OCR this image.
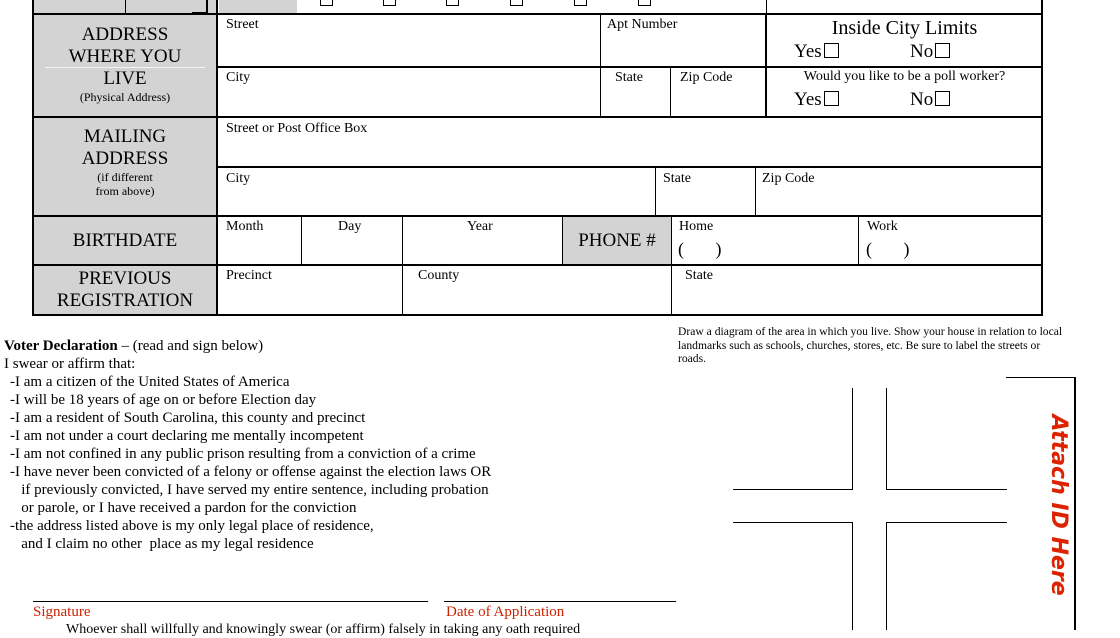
ADDRESS
WHERE YOU
LIVE
(Physical Address)
Street	Apt Number	Inside City Limits
Yes	No
City	State	Zip Code	Would you like to be a poll worker?
Yes	No
MAILING
ADDRESS
(if different
from above)
Street or Post Office Box
City	State	Zip Code
BIRTHDATE
Month	Day	Year
PHONE #
Home
(       )
Work
(       )
PREVIOUS
REGISTRATION
Precinct	County	State
Voter Declaration – (read and sign below)
I swear or affirm that:
-I am a citizen of the United States of America
-I will be 18 years of age on or before Election day
-I am a resident of South Carolina, this county and precinct
-I am not under a court declaring me mentally incompetent
-I am not confined in any public prison resulting from a conviction of a crime
-I have never been convicted of a felony or offense against the election laws OR
if previously convicted, I have served my entire sentence, including probation
or parole, or I have received a pardon for the conviction
-the address listed above is my only legal place of residence,
and I claim no other  place as my legal residence
Signature	Date of Application
Whoever shall willfully and knowingly swear (or affirm) falsely in taking any oath required
Draw a diagram of the area in which you live. Show your house in relation to local landmarks such as schools, churches, stores, etc. Be sure to label the streets or roads.
Attach ID Here
